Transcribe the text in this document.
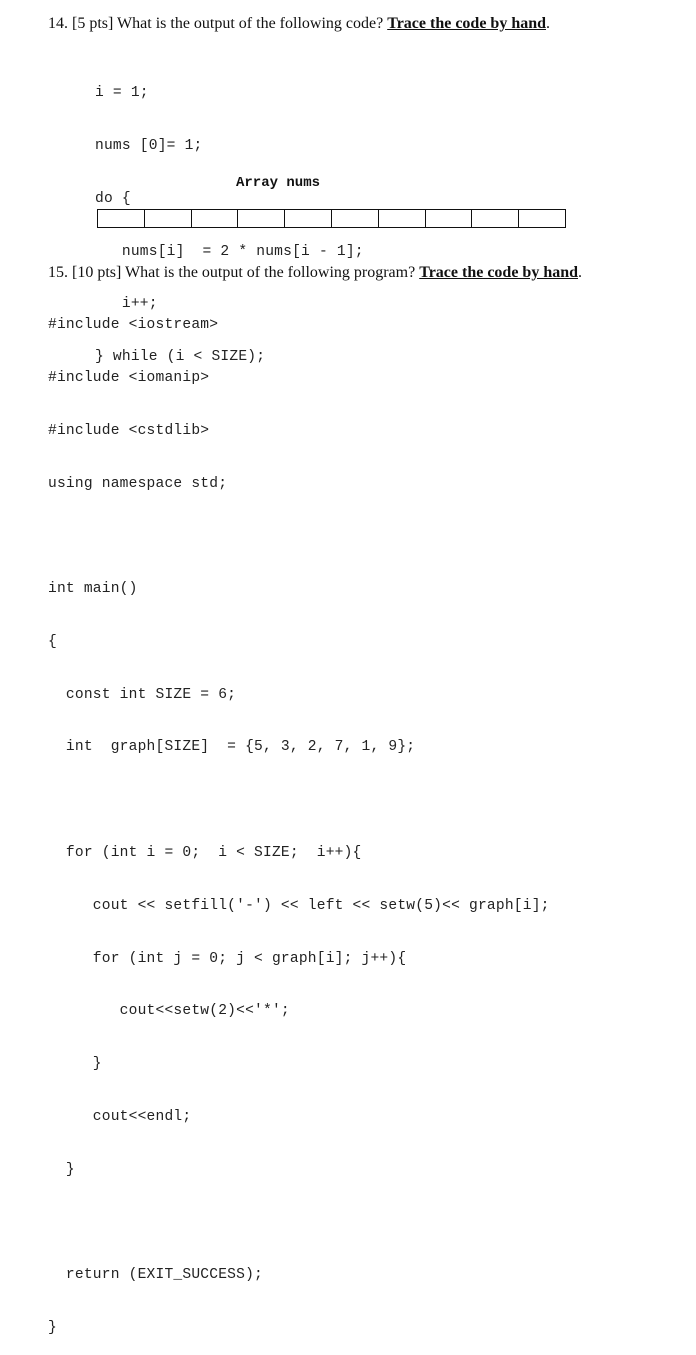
14. [5 pts] What is the output of the following code? Trace the code by hand.

i = 1;

nums [0]= 1;

do {

nums[i]  = 2 * nums[i - 1];

i++;

} while (i < SIZE);

Array nums
15. [10 pts] What is the output of the following program? Trace the code by hand.

#include <iostream>

#include <iomanip>

#include <cstdlib>

using namespace std;

int main()

{

const int SIZE = 6;

int  graph[SIZE]  = {5, 3, 2, 7, 1, 9};

for (int i = 0;  i < SIZE;  i++){

cout << setfill('-') << left << setw(5)<< graph[i];

for (int j = 0; j < graph[i]; j++){

cout<<setw(2)<<'*';

}

cout<<endl;

}

return (EXIT_SUCCESS);

}
